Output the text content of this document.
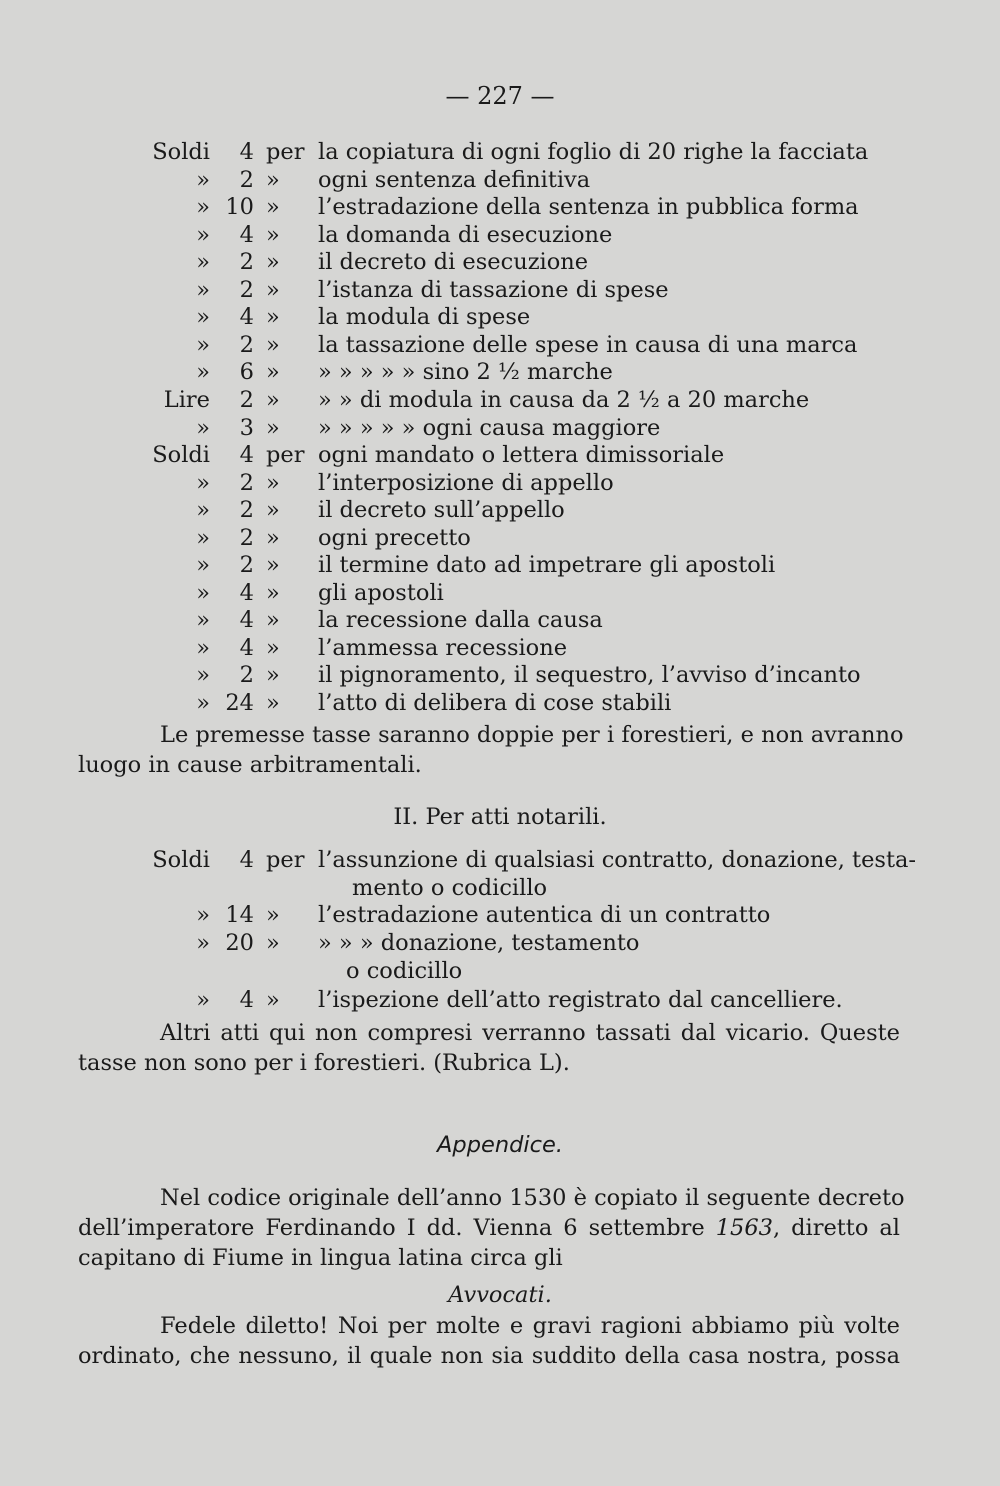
— 227 —
Soldi	4 per la copiatura di ogni foglio di 20 righe la facciata
»	2 »	ogni sentenza definitiva
» 10 »	l’estradazione della sentenza in pubblica forma
»	4 »	la domanda di esecuzione
»	2 »	il decreto di esecuzione
»	2 »	l’istanza di tassazione di spese
»	4 »	la modula di spese
»	2 »	la tassazione delle spese in causa di una marca
»	6 »	» » » » » sino 2 ½ marche
Lire	2 »	» » di modula in causa da 2 ½ a 20 marche
»	3 »	» » » » » ogni causa maggiore
Soldi	4 per ogni mandato o lettera dimissoriale
»	2 »	l’interposizione di appello
»	2 »	il decreto sull’appello
»	2 »	ogni precetto
»	2 »	il termine dato ad impetrare gli apostoli
»	4 »	gli apostoli
»	4 »	la recessione dalla causa
»	4 »	l’ammessa recessione
»	2 »	il pignoramento, il sequestro, l’avviso d’incanto
» 24 »	l’atto di delibera di cose stabili
Le premesse tasse saranno doppie per i forestieri, e non avranno
luogo in cause arbitramentali.
II. Per atti notarili.
Soldi	4 per l’assunzione di qualsiasi contratto, donazione, testa-
mento o codicillo
» 14 »	l’estradazione autentica di un contratto
» 20 »	» » » donazione, testamento
o codicillo
»	4 »	l’ispezione dell’atto registrato dal cancelliere.
Altri atti qui non compresi verranno tassati dal vicario. Queste
tasse non sono per i forestieri. (Rubrica L).
Appendice.
Nel codice originale dell’anno 1530 è copiato il seguente decreto
dell’imperatore Ferdinando I dd. Vienna 6 settembre 1563, diretto al
capitano di Fiume in lingua latina circa gli
Avvocati.
Fedele diletto! Noi per molte e gravi ragioni abbiamo più volte
ordinato, che nessuno, il quale non sia suddito della casa nostra, possa
